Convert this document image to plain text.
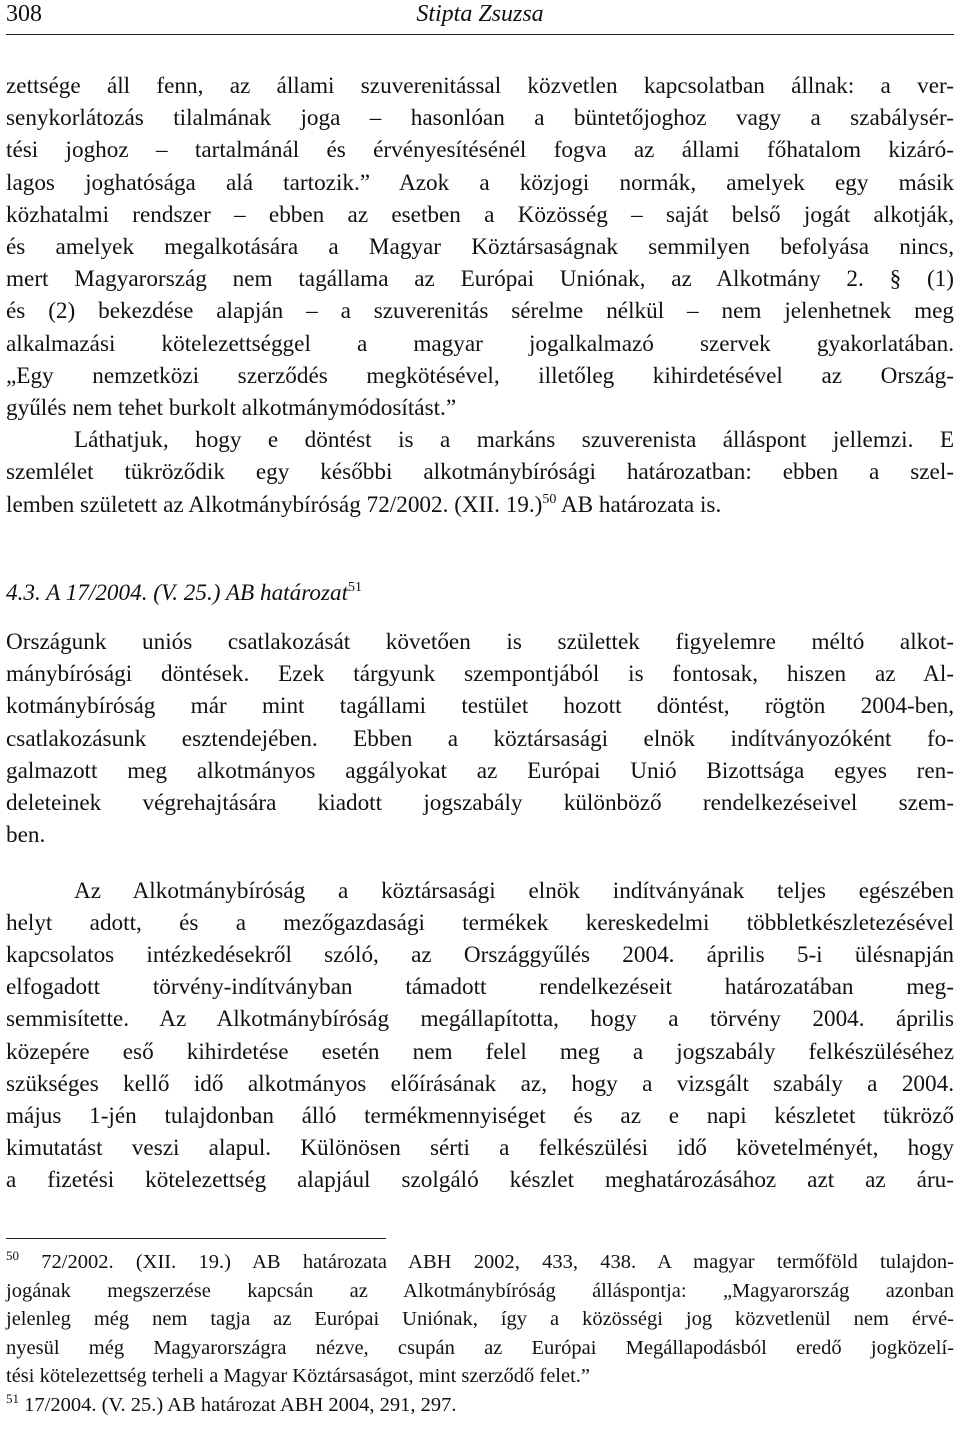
308	Stipta Zsuzsa

zettsége áll fenn, az állami szuverenitással közvetlen kapcsolatban állnak: a ver-
senykorlátozás tilalmának joga – hasonlóan a büntetőjoghoz vagy a szabálysér-
tési joghoz – tartalmánál és érvényesítésénél fogva az állami főhatalom kizáró-
lagos joghatósága alá tartozik.” Azok a közjogi normák, amelyek egy másik
közhatalmi rendszer – ebben az esetben a Közösség – saját belső jogát alkotják,
és amelyek megalkotására a Magyar Köztársaságnak semmilyen befolyása nincs,
mert Magyarország nem tagállama az Európai Uniónak, az Alkotmány 2. § (1)
és (2) bekezdése alapján – a szuverenitás sérelme nélkül – nem jelenhetnek meg
alkalmazási kötelezettséggel a magyar jogalkalmazó szervek gyakorlatában.
„Egy nemzetközi szerződés megkötésével, illetőleg kihirdetésével az Ország-
gyűlés nem tehet burkolt alkotmánymódosítást.”

Láthatjuk, hogy e döntést is a markáns szuverenista álláspont jellemzi. E
szemlélet tükröződik egy későbbi alkotmánybírósági határozatban: ebben a szel-
lemben született az Alkotmánybíróság 72/2002. (XII. 19.)$^{50}$ AB határozata is.

4.3. A 17/2004. (V. 25.) AB határozat$^{51}$

Országunk uniós csatlakozását követően is születtek figyelemre méltó alkot-
mánybírósági döntések. Ezek tárgyunk szempontjából is fontosak, hiszen az Al-
kotmánybíróság már mint tagállami testület hozott döntést, rögtön 2004-ben,
csatlakozásunk esztendejében. Ebben a köztársasági elnök indítványozóként fo-
galmazott meg alkotmányos aggályokat az Európai Unió Bizottsága egyes ren-
deleteinek végrehajtására kiadott jogszabály különböző rendelkezéseivel szem-
ben.

Az Alkotmánybíróság a köztársasági elnök indítványának teljes egészében
helyt adott, és a mezőgazdasági termékek kereskedelmi többletkészletezésével
kapcsolatos intézkedésekről szóló, az Országgyűlés 2004. április 5-i ülésnapján
elfogadott törvény-indítványban támadott rendelkezéseit határozatában meg-
semmisítette. Az Alkotmánybíróság megállapította, hogy a törvény 2004. április
közepére eső kihirdetése esetén nem felel meg a jogszabály felkészüléséhez
szükséges kellő idő alkotmányos előírásának az, hogy a vizsgált szabály a 2004.
május 1-jén tulajdonban álló termékmennyiséget és az e napi készletet tükröző
kimutatást veszi alapul. Különösen sérti a felkészülési idő követelményét, hogy
a fizetési kötelezettség alapjául szolgáló készlet meghatározásához azt az áru-

$^{50}$ 72/2002. (XII. 19.) AB határozata ABH 2002, 433, 438. A magyar termőföld tulajdon-
jogának megszerzése kapcsán az Alkotmánybíróság álláspontja: „Magyarország azonban
jelenleg még nem tagja az Európai Uniónak, így a közösségi jog közvetlenül nem érvé-
nyesül még Magyarországra nézve, csupán az Európai Megállapodásból eredő jogközelí-
tési kötelezettség terheli a Magyar Köztársaságot, mint szerződő felet.”
$^{51}$ 17/2004. (V. 25.) AB határozat ABH 2004, 291, 297.
